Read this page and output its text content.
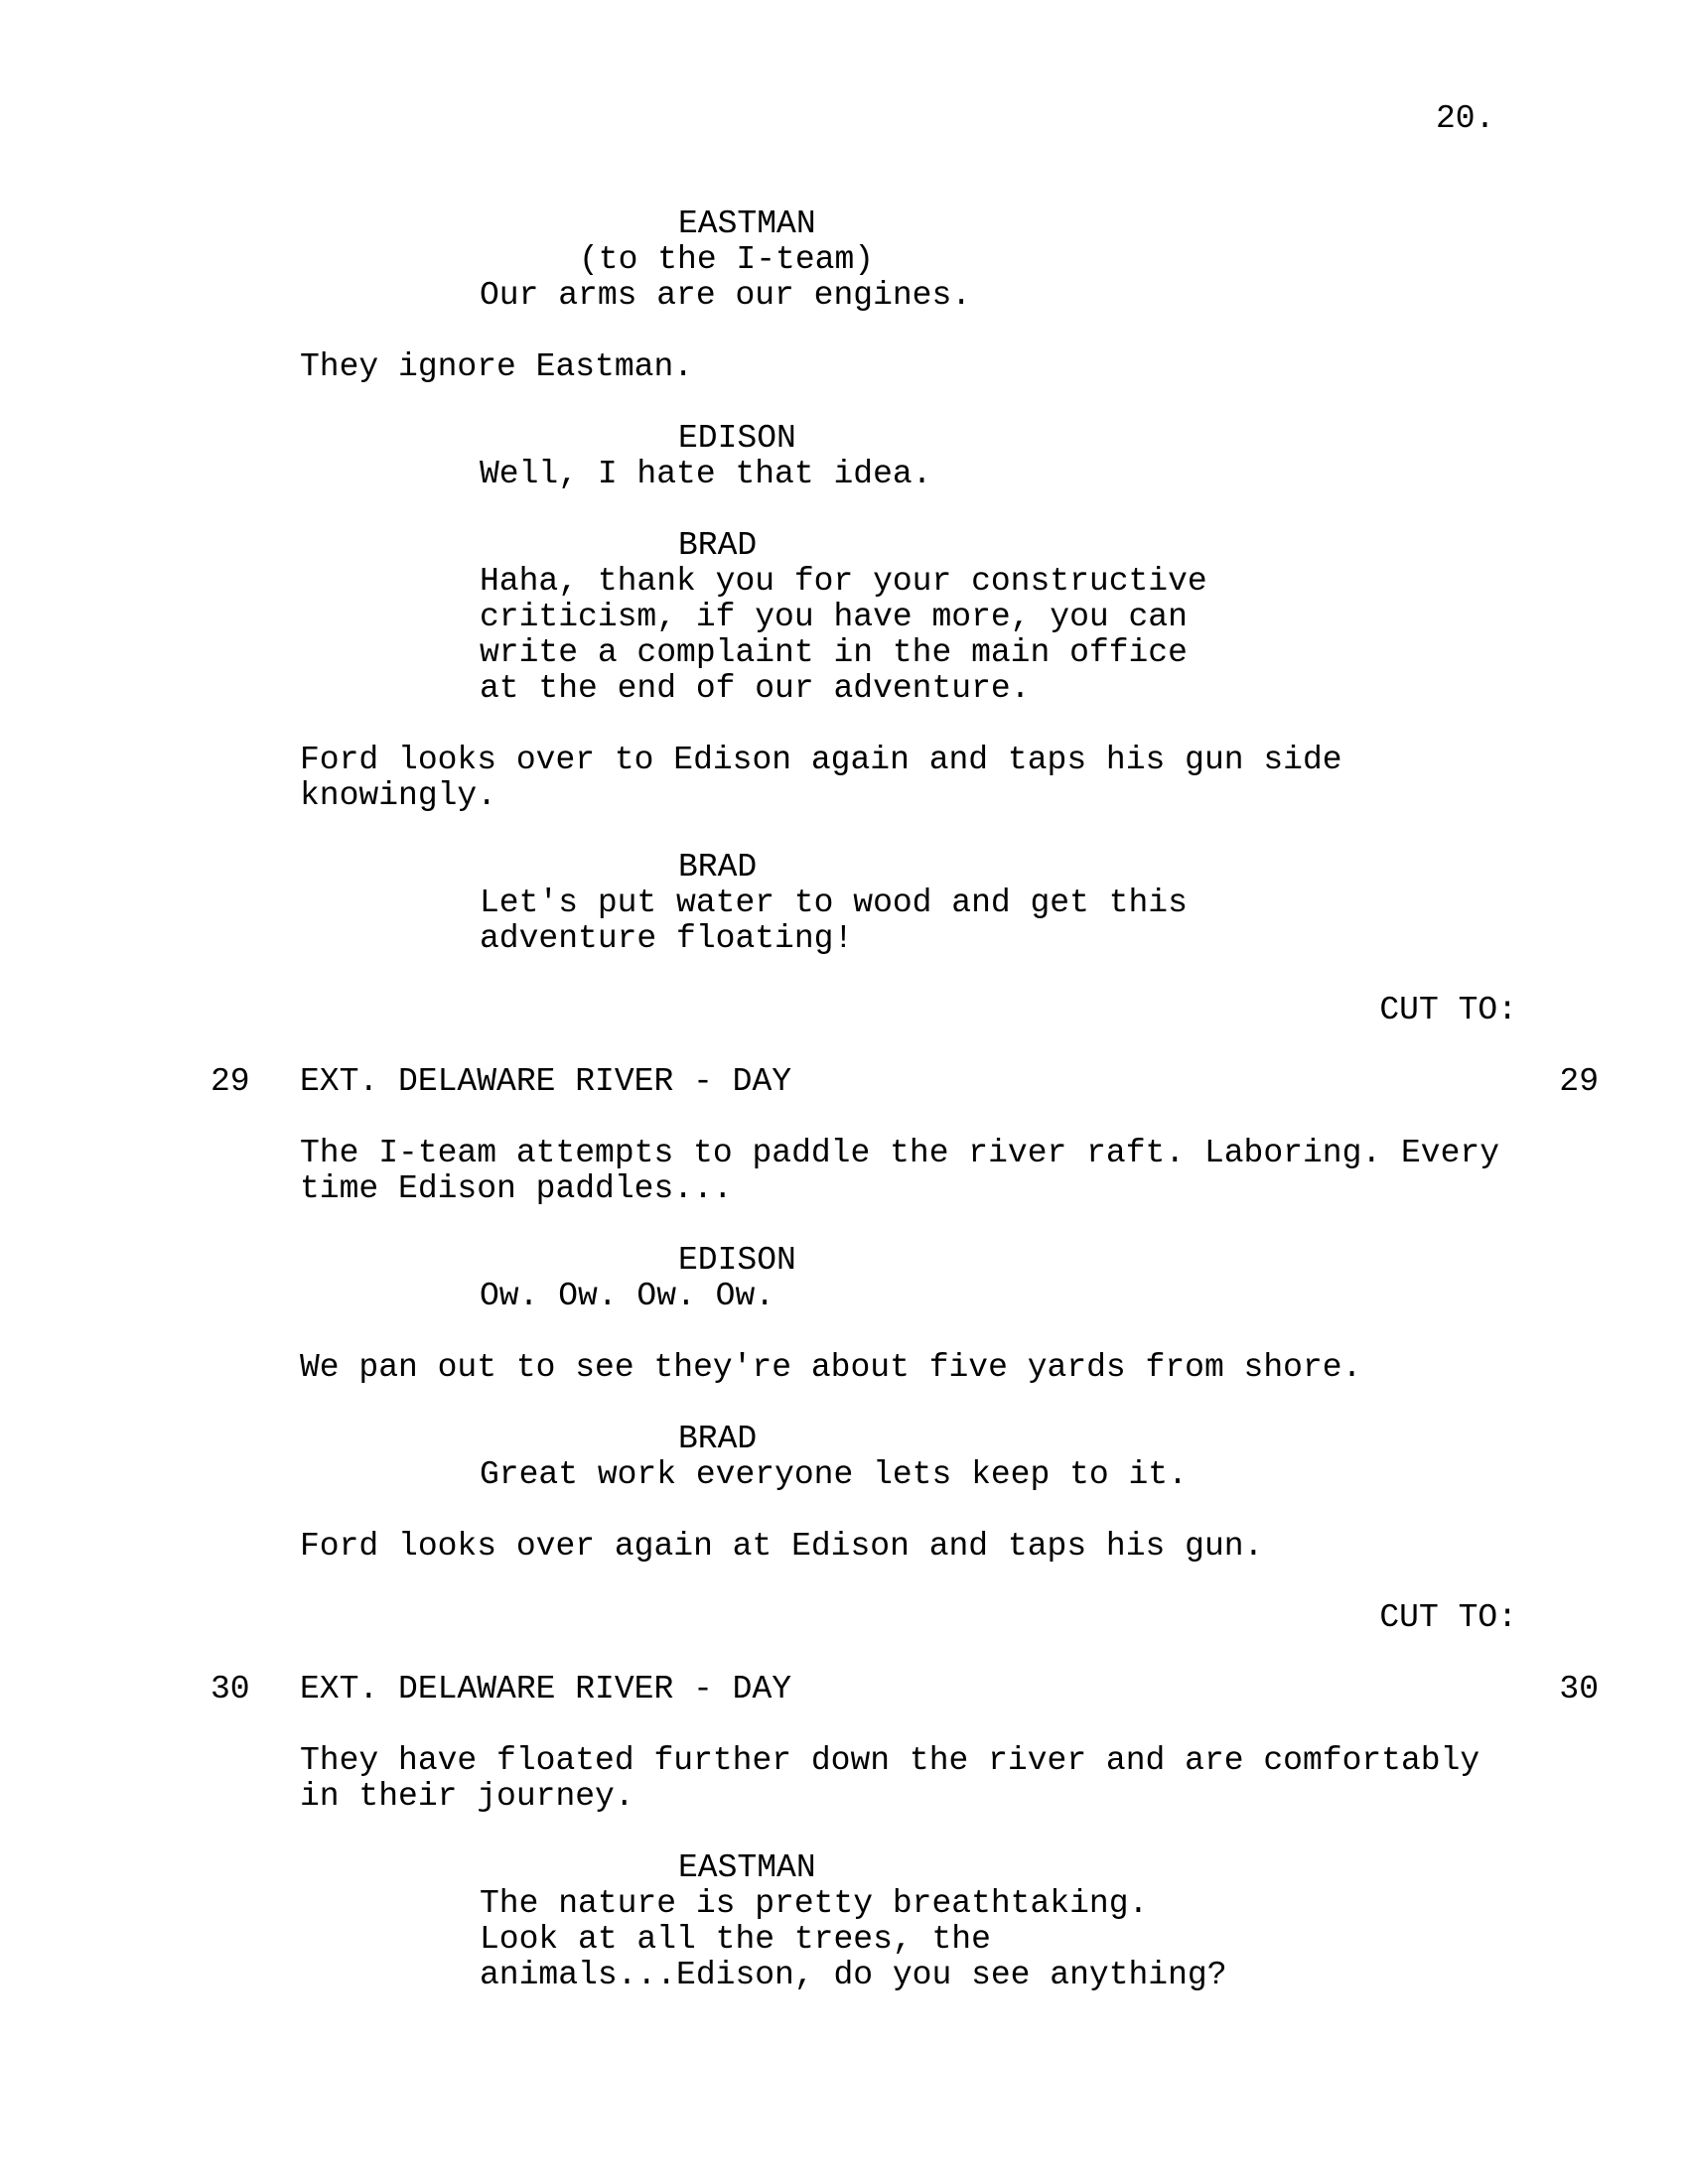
20.
EASTMAN
(to the I-team)
Our arms are our engines.
They ignore Eastman.
EDISON
Well, I hate that idea.
BRAD
Haha, thank you for your constructive
criticism, if you have more, you can
write a complaint in the main office
at the end of our adventure.
Ford looks over to Edison again and taps his gun side
knowingly.
BRAD
Let's put water to wood and get this
adventure floating!
CUT TO:
EXT. DELAWARE RIVER - DAY
29	29
The I-team attempts to paddle the river raft. Laboring. Every
time Edison paddles...
EDISON
Ow. Ow. Ow. Ow.
We pan out to see they're about five yards from shore.
BRAD
Great work everyone lets keep to it.
Ford looks over again at Edison and taps his gun.
CUT TO:
EXT. DELAWARE RIVER - DAY
30	30
They have floated further down the river and are comfortably
in their journey.
EASTMAN
The nature is pretty breathtaking.
Look at all the trees, the
animals...Edison, do you see anything?
